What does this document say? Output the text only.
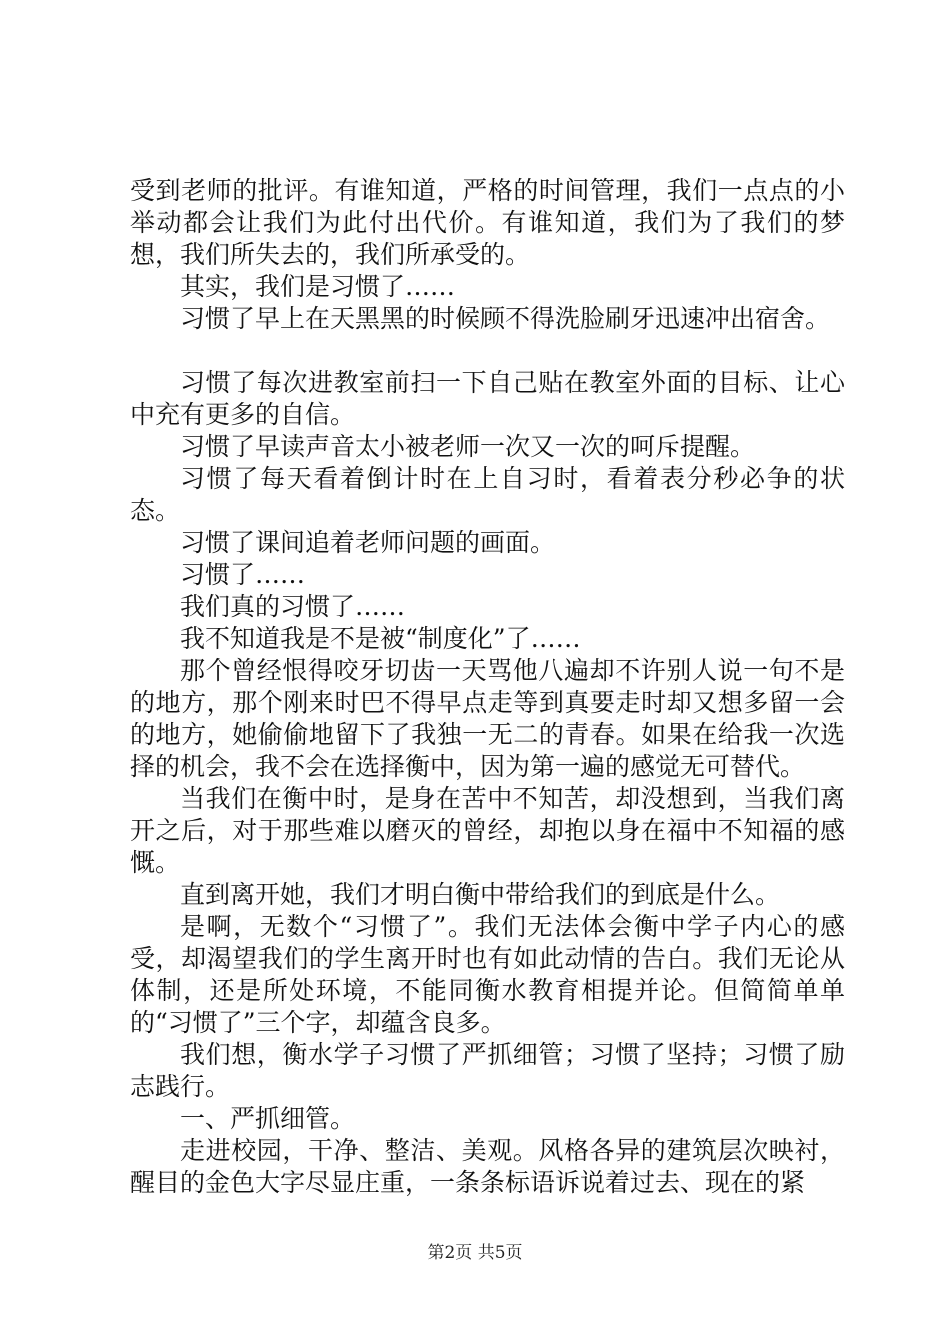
受到老师的批评。有谁知道，严格的时间管理，我们一点点的小举动都会让我们为此付出代价。有谁知道，我们为了我们的梦想，我们所失去的，我们所承受的。

其实，我们是习惯了……

习惯了早上在天黑黑的时候顾不得洗脸刷牙迅速冲出宿舍。

习惯了每次进教室前扫一下自己贴在教室外面的目标、让心中充有更多的自信。

习惯了早读声音太小被老师一次又一次的呵斥提醒。

习惯了每天看着倒计时在上自习时，看着表分秒必争的状态。

习惯了课间追着老师问题的画面。

习惯了……

我们真的习惯了……

我不知道我是不是被“制度化”了……

那个曾经恨得咬牙切齿一天骂他八遍却不许别人说一句不是的地方，那个刚来时巴不得早点走等到真要走时却又想多留一会的地方，她偷偷地留下了我独一无二的青春。如果在给我一次选择的机会，我不会在选择衡中，因为第一遍的感觉无可替代。

当我们在衡中时，是身在苦中不知苦，却没想到，当我们离开之后，对于那些难以磨灭的曾经，却抱以身在福中不知福的感慨。

直到离开她，我们才明白衡中带给我们的到底是什么。

是啊，无数个“习惯了”。我们无法体会衡中学子内心的感受，却渴望我们的学生离开时也有如此动情的告白。我们无论从体制，还是所处环境，不能同衡水教育相提并论。但简简单单的“习惯了”三个字，却蕴含良多。

我们想，衡水学子习惯了严抓细管；习惯了坚持；习惯了励志践行。

一、严抓细管。

走进校园，干净、整洁、美观。风格各异的建筑层次映衬，醒目的金色大字尽显庄重，一条条标语诉说着过去、现在的紧

第2页 共5页
